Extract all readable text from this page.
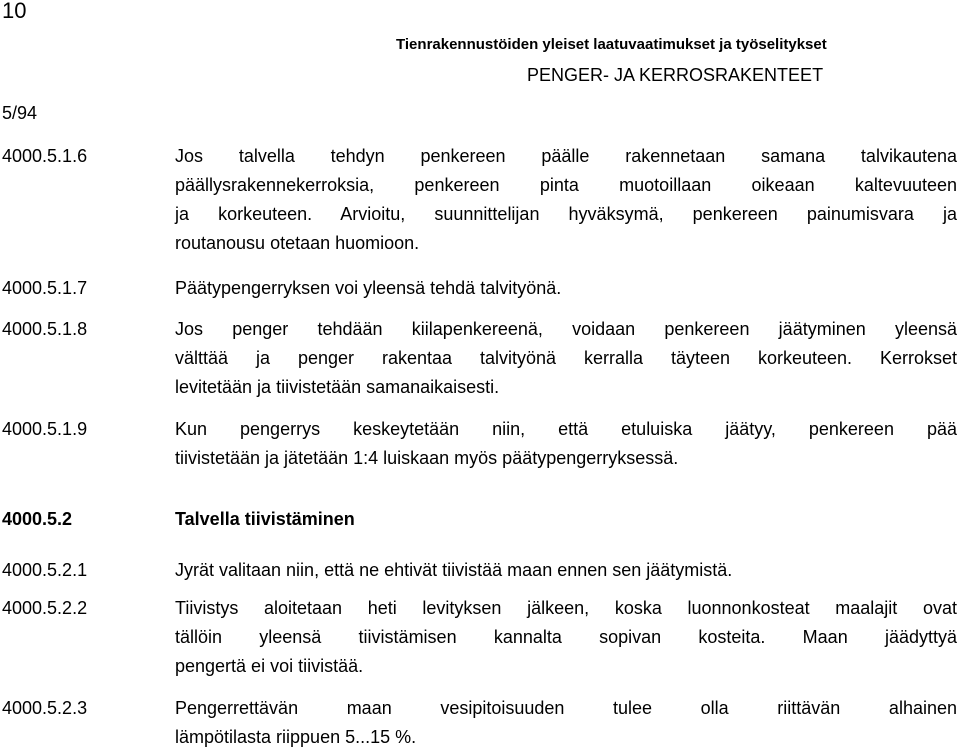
10
Tienrakennustöiden yleiset laatuvaatimukset ja työselitykset
PENGER- JA KERROSRAKENTEET
5/94
4000.5.1.6	Jos talvella tehdyn penkereen päälle rakennetaan samana talvikautena
päällysrakennekerroksia, penkereen pinta muotoillaan oikeaan kaltevuuteen
ja korkeuteen. Arvioitu, suunnittelijan hyväksymä, penkereen painumisvara ja
routanousu otetaan huomioon.
4000.5.1.7	Päätypengerryksen voi yleensä tehdä talvityönä.
4000.5.1.8	Jos penger tehdään kiilapenkereenä, voidaan penkereen jäätyminen yleensä
välttää ja penger rakentaa talvityönä kerralla täyteen korkeuteen. Kerrokset
levitetään ja tiivistetään samanaikaisesti.
4000.5.1.9	Kun pengerrys keskeytetään niin, että etuluiska jäätyy, penkereen pää
tiivistetään ja jätetään 1:4 luiskaan myös päätypengerryksessä.
4000.5.2	Talvella tiivistäminen
4000.5.2.1	Jyrät valitaan niin, että ne ehtivät tiivistää maan ennen sen jäätymistä.
4000.5.2.2	Tiivistys aloitetaan heti levityksen jälkeen, koska luonnonkosteat maalajit ovat
tällöin yleensä tiivistämisen kannalta sopivan kosteita. Maan jäädyttyä
pengertä ei voi tiivistää.
4000.5.2.3	Pengerrettävän maan vesipitoisuuden tulee olla riittävän alhainen
lämpötilasta riippuen 5...15 %.
